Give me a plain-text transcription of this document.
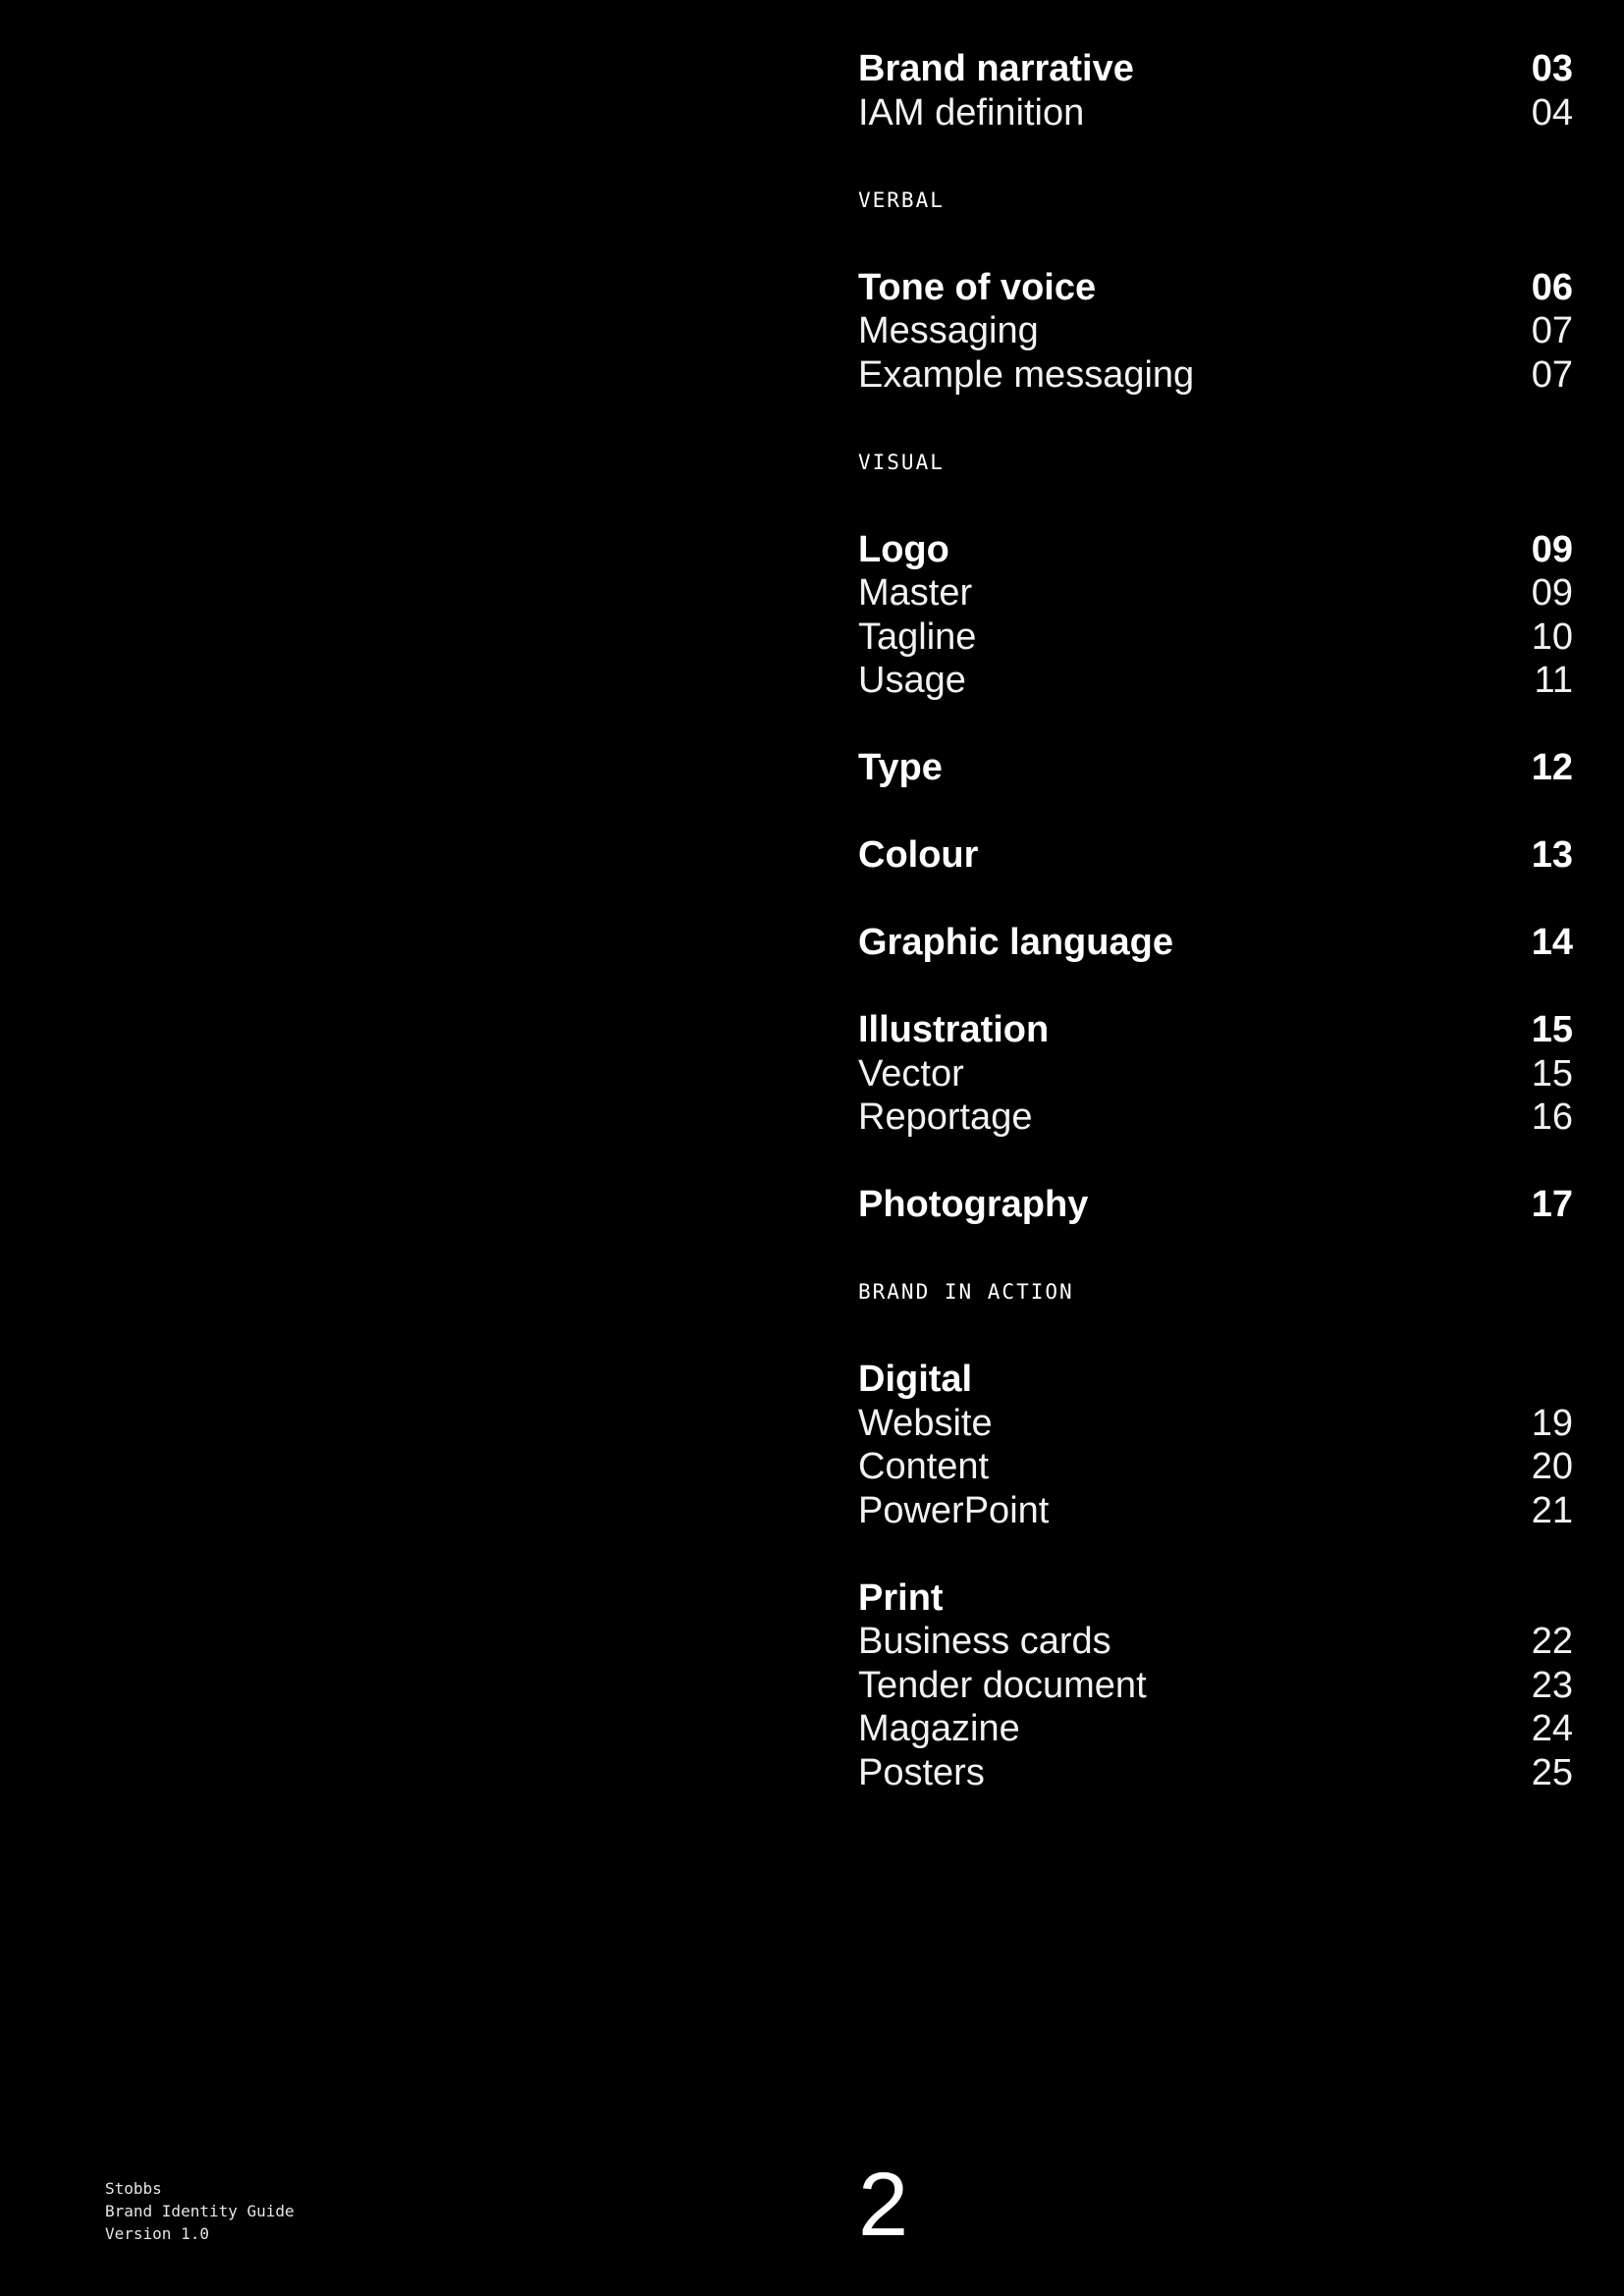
Brand narrative	03
IAM definition	04
VERBAL
Tone of voice	06
Messaging	07
Example messaging	07
VISUAL
Logo	09
Master	09
Tagline	10
Usage	11
Type	12
Colour	13
Graphic language	14
Illustration	15
Vector	15
Reportage	16
Photography	17
BRAND IN ACTION
Digital
Website	19
Content	20
PowerPoint	21
Print
Business cards	22
Tender document	23
Magazine	24
Posters	25
Stobbs
Brand Identity Guide
Version 1.0	2
